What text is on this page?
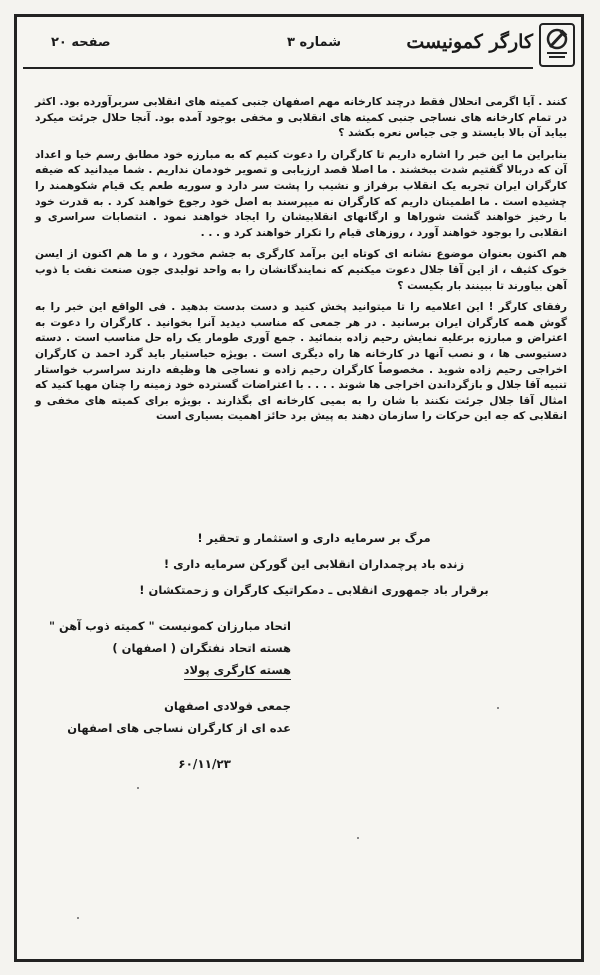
کارگر کمونیست
شماره ۳
صفحه ۲۰

کنند . آیا اگرمی انحلال فقط درچند کارخانه مهم اصفهان جنبی کمیته های انقلابی سربرآورده بود. اکثر در تمام کارخانه های نساجی جنبی کمیته های انقلابی و مخفی بوجود آمده بود. آنجا حلال جرئت میکرد بیاید آن بالا بایستد و جی جیاس نعره بکشد ؟

بنابراین ما این خبر را اشاره داریم تا کارگران را دعوت کنیم که به مبارزه خود مطابق رسم خیا و اعداد آن که دربالا گفتیم شدت ببخشند . ما اصلا قصد ارزیابی و تصویر خودمان نداریم . شما میدانید که ضیفه کارگران ایران تجربه یک انقلاب برفراز و نشیب را پشت سر دارد و سوریه طعم یک قیام شکوهمند را چشیده است . ما اطمینان داریم که کارگران نه میپرسند به اصل خود رجوع خواهند کرد . به قدرت خود با رخیز خواهند گشت شوراها و ارگانهای انقلابیشان را ایجاد خواهند نمود . انتصابات سراسری و انقلابی را بوجود خواهند آورد ، روزهای قیام را تکرار خواهند کرد و . . .

هم اکنون بعنوان موضوع نشانه ای کوتاه این برآمد کارگری به جشم مخورد ، و ما هم اکنون از ایسن خوک کثیف ، از این آقا جلال دعوت میکنیم که نمایندگانشان را به واحد تولیدی جون صنعت نفت یا ذوب آهن بیاورند تا ببینند بار بکیست ؟

رفقای کارگر ! این اعلامیه را تا میتوانید پخش کنید و دست بدست بدهید . فی الواقع این خبر را به گوش همه کارگران ایران برسانید . در هر جمعی که مناسب دیدید آنرا بخوانید . کارگران را دعوت به اعتراض و مبارزه برعلیه نمایش رحیم زاده بنمائید . جمع آوری طومار یک راه حل مناسب است . دسته دستیوسی ها ، و نصب آنها در کارخانه ها راه دیگری است . بویژه حیاستیار باید گرد احمد ن کارگران اخراجی رحیم زاده شوید . مخصوصاً کارگران رحیم زاده و نساجی ها وظیفه دارند سراسرب خواستار تنبیه آقا جلال و بازگرداندن اخراجی ها شوند . . . . با اعتراضات گسترده خود زمینه را چنان مهیا کنید که امثال آقا جلال جرئت نکنند با شان را به بمیی کارخانه ای بگذارند . بویژه برای کمیته های مخفی و انقلابی که جه این حرکات را سازمان دهند به پیش برد حائز اهمیت بسیاری است

مرگ بر سرمایه داری و استثمار و تحقیر !
زنده باد پرچمداران انقلابی این گورکن سرمایه داری !
برقرار باد جمهوری انقلابی ـ دمکراتیک کارگران و زحمتکشان !
اتحاد مبارزان کمونیست " کمیته ذوب آهن "
هسته اتحاد نفتگران ( اصفهان )
هسته کارگری پولاد
جمعی فولادی اصفهان
عده ای از کارگران نساجی های اصفهان
۶۰/۱۱/۲۳
